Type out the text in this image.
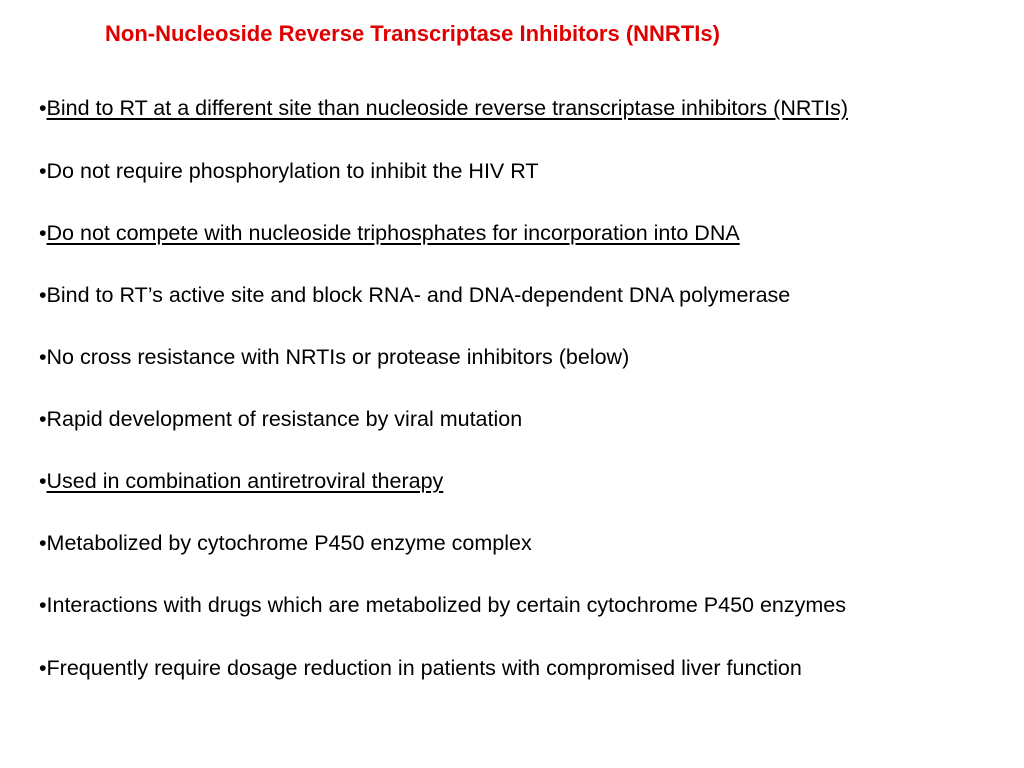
Non-Nucleoside Reverse Transcriptase Inhibitors (NNRTIs)
•Bind to RT at a different site than nucleoside reverse transcriptase inhibitors (NRTIs)
•Do not require phosphorylation to inhibit the HIV RT
•Do not compete with nucleoside triphosphates for incorporation into DNA
•Bind to RT’s active site and block RNA- and DNA-dependent DNA polymerase
•No cross resistance with NRTIs or protease inhibitors (below)
•Rapid development of resistance by viral mutation
•Used in combination antiretroviral therapy
•Metabolized by cytochrome P450 enzyme complex
•Interactions with drugs which are metabolized by certain cytochrome P450 enzymes
•Frequently require dosage reduction in patients with compromised liver function
